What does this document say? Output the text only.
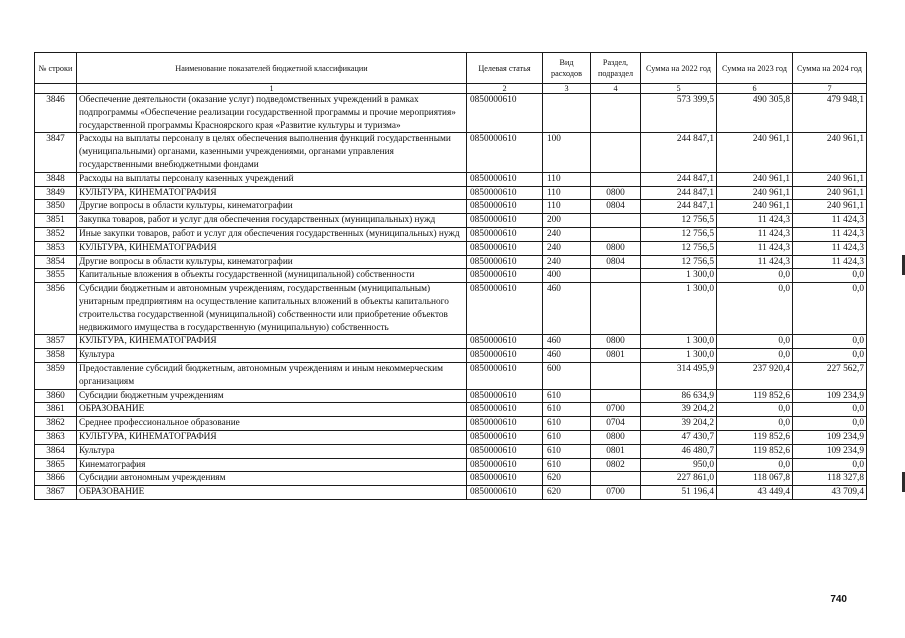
№ строки	Наименование показателей бюджетной классификации	Целевая статья	Вид расходов	Раздел, подраздел	Сумма на 2022 год	Сумма на 2023 год	Сумма на 2024 год
	1	2	3	4	5	6	7
3846	Обеспечение деятельности (оказание услуг) подведомственных учреждений в рамках подпрограммы «Обеспечение реализации государственной программы и прочие мероприятия» государственной программы Красноярского края «Развитие культуры и туризма»	0850000610			573 399,5	490 305,8	479 948,1
3847	Расходы на выплаты персоналу в целях обеспечения выполнения функций государственными (муниципальными) органами, казенными учреждениями, органами управления государственными внебюджетными фондами	0850000610	100		244 847,1	240 961,1	240 961,1
3848	Расходы на выплаты персоналу казенных учреждений	0850000610	110		244 847,1	240 961,1	240 961,1
3849	КУЛЬТУРА, КИНЕМАТОГРАФИЯ	0850000610	110	0800	244 847,1	240 961,1	240 961,1
3850	Другие вопросы в области культуры, кинематографии	0850000610	110	0804	244 847,1	240 961,1	240 961,1
3851	Закупка товаров, работ и услуг для обеспечения государственных (муниципальных) нужд	0850000610	200		12 756,5	11 424,3	11 424,3
3852	Иные закупки товаров, работ и услуг для обеспечения государственных (муниципальных) нужд	0850000610	240		12 756,5	11 424,3	11 424,3
3853	КУЛЬТУРА, КИНЕМАТОГРАФИЯ	0850000610	240	0800	12 756,5	11 424,3	11 424,3
3854	Другие вопросы в области культуры, кинематографии	0850000610	240	0804	12 756,5	11 424,3	11 424,3
3855	Капитальные вложения в объекты государственной (муниципальной) собственности	0850000610	400		1 300,0	0,0	0,0
3856	Субсидии бюджетным и автономным учреждениям, государственным (муниципальным) унитарным предприятиям на осуществление капитальных вложений в объекты капитального строительства государственной (муниципальной) собственности или приобретение объектов недвижимого имущества в государственную (муниципальную) собственность	0850000610	460		1 300,0	0,0	0,0
3857	КУЛЬТУРА, КИНЕМАТОГРАФИЯ	0850000610	460	0800	1 300,0	0,0	0,0
3858	Культура	0850000610	460	0801	1 300,0	0,0	0,0
3859	Предоставление субсидий бюджетным, автономным учреждениям и иным некоммерческим организациям	0850000610	600		314 495,9	237 920,4	227 562,7
3860	Субсидии бюджетным учреждениям	0850000610	610		86 634,9	119 852,6	109 234,9
3861	ОБРАЗОВАНИЕ	0850000610	610	0700	39 204,2	0,0	0,0
3862	Среднее профессиональное образование	0850000610	610	0704	39 204,2	0,0	0,0
3863	КУЛЬТУРА, КИНЕМАТОГРАФИЯ	0850000610	610	0800	47 430,7	119 852,6	109 234,9
3864	Культура	0850000610	610	0801	46 480,7	119 852,6	109 234,9
3865	Кинематография	0850000610	610	0802	950,0	0,0	0,0
3866	Субсидии автономным учреждениям	0850000610	620		227 861,0	118 067,8	118 327,8
3867	ОБРАЗОВАНИЕ	0850000610	620	0700	51 196,4	43 449,4	43 709,4
740
